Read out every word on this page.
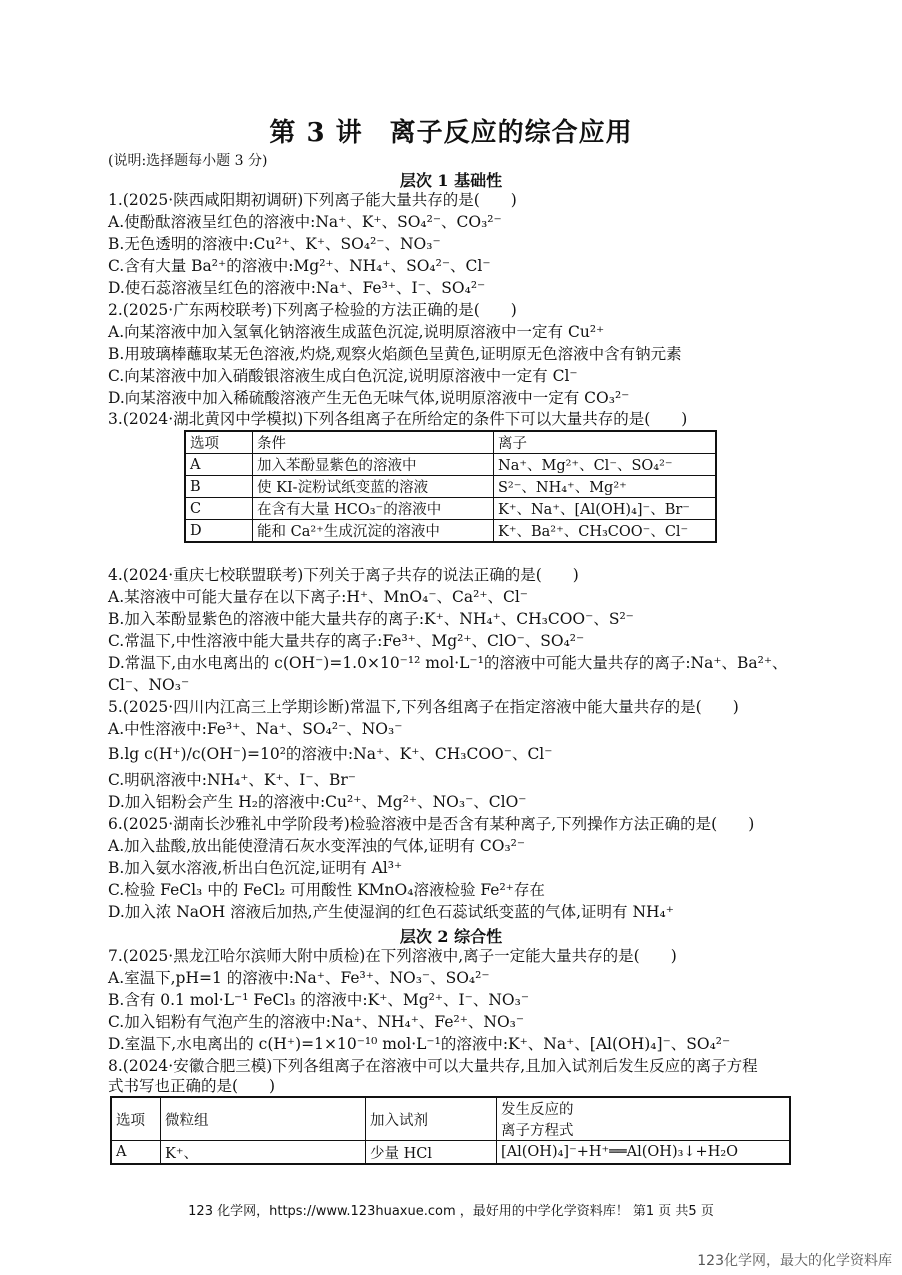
第 3 讲　离子反应的综合应用
(说明:选择题每小题 3 分)
层次 1 基础性
1.(2025·陕西咸阳期初调研)下列离子能大量共存的是(　　)
A.使酚酞溶液呈红色的溶液中:Na⁺、K⁺、SO₄²⁻、CO₃²⁻
B.无色透明的溶液中:Cu²⁺、K⁺、SO₄²⁻、NO₃⁻
C.含有大量 Ba²⁺的溶液中:Mg²⁺、NH₄⁺、SO₄²⁻、Cl⁻
D.使石蕊溶液呈红色的溶液中:Na⁺、Fe³⁺、I⁻、SO₄²⁻
2.(2025·广东两校联考)下列离子检验的方法正确的是(　　)
A.向某溶液中加入氢氧化钠溶液生成蓝色沉淀,说明原溶液中一定有 Cu²⁺
B.用玻璃棒蘸取某无色溶液,灼烧,观察火焰颜色呈黄色,证明原无色溶液中含有钠元素
C.向某溶液中加入硝酸银溶液生成白色沉淀,说明原溶液中一定有 Cl⁻
D.向某溶液中加入稀硫酸溶液产生无色无味气体,说明原溶液中一定有 CO₃²⁻
3.(2024·湖北黄冈中学模拟)下列各组离子在所给定的条件下可以大量共存的是(　　)
选项	条件	离子
A	加入苯酚显紫色的溶液中	Na⁺、Mg²⁺、Cl⁻、SO₄²⁻
B	使 KI-淀粉试纸变蓝的溶液	S²⁻、NH₄⁺、Mg²⁺
C	在含有大量 HCO₃⁻的溶液中	K⁺、Na⁺、[Al(OH)₄]⁻、Br⁻
D	能和 Ca²⁺生成沉淀的溶液中	K⁺、Ba²⁺、CH₃COO⁻、Cl⁻
4.(2024·重庆七校联盟联考)下列关于离子共存的说法正确的是(　　)
A.某溶液中可能大量存在以下离子:H⁺、MnO₄⁻、Ca²⁺、Cl⁻
B.加入苯酚显紫色的溶液中能大量共存的离子:K⁺、NH₄⁺、CH₃COO⁻、S²⁻
C.常温下,中性溶液中能大量共存的离子:Fe³⁺、Mg²⁺、ClO⁻、SO₄²⁻
D.常温下,由水电离出的 c(OH⁻)=1.0×10⁻¹² mol·L⁻¹的溶液中可能大量共存的离子:Na⁺、Ba²⁺、
Cl⁻、NO₃⁻
5.(2025·四川内江高三上学期诊断)常温下,下列各组离子在指定溶液中能大量共存的是(　　)
A.中性溶液中:Fe³⁺、Na⁺、SO₄²⁻、NO₃⁻
B.lg c(H⁺)/c(OH⁻)=10²的溶液中:Na⁺、K⁺、CH₃COO⁻、Cl⁻
C.明矾溶液中:NH₄⁺、K⁺、I⁻、Br⁻
D.加入铝粉会产生 H₂的溶液中:Cu²⁺、Mg²⁺、NO₃⁻、ClO⁻
6.(2025·湖南长沙雅礼中学阶段考)检验溶液中是否含有某种离子,下列操作方法正确的是(　　)
A.加入盐酸,放出能使澄清石灰水变浑浊的气体,证明有 CO₃²⁻
B.加入氨水溶液,析出白色沉淀,证明有 Al³⁺
C.检验 FeCl₃ 中的 FeCl₂ 可用酸性 KMnO₄溶液检验 Fe²⁺存在
D.加入浓 NaOH 溶液后加热,产生使湿润的红色石蕊试纸变蓝的气体,证明有 NH₄⁺
层次 2 综合性
7.(2025·黑龙江哈尔滨师大附中质检)在下列溶液中,离子一定能大量共存的是(　　)
A.室温下,pH=1 的溶液中:Na⁺、Fe³⁺、NO₃⁻、SO₄²⁻
B.含有 0.1 mol·L⁻¹ FeCl₃ 的溶液中:K⁺、Mg²⁺、I⁻、NO₃⁻
C.加入铝粉有气泡产生的溶液中:Na⁺、NH₄⁺、Fe²⁺、NO₃⁻
D.室温下,水电离出的 c(H⁺)=1×10⁻¹⁰ mol·L⁻¹的溶液中:K⁺、Na⁺、[Al(OH)₄]⁻、SO₄²⁻
8.(2024·安徽合肥三模)下列各组离子在溶液中可以大量共存,且加入试剂后发生反应的离子方程
式书写也正确的是(　　)
选项	微粒组	加入试剂	发生反应的
离子方程式

A	K⁺、	少量 HCl	[Al(OH)₄]⁻+H⁺══Al(OH)₃↓+H₂O
123 化学网，https://www.123huaxue.com ，最好用的中学化学资料库！ 第1 页 共5 页
123化学网，最大的化学资料库
